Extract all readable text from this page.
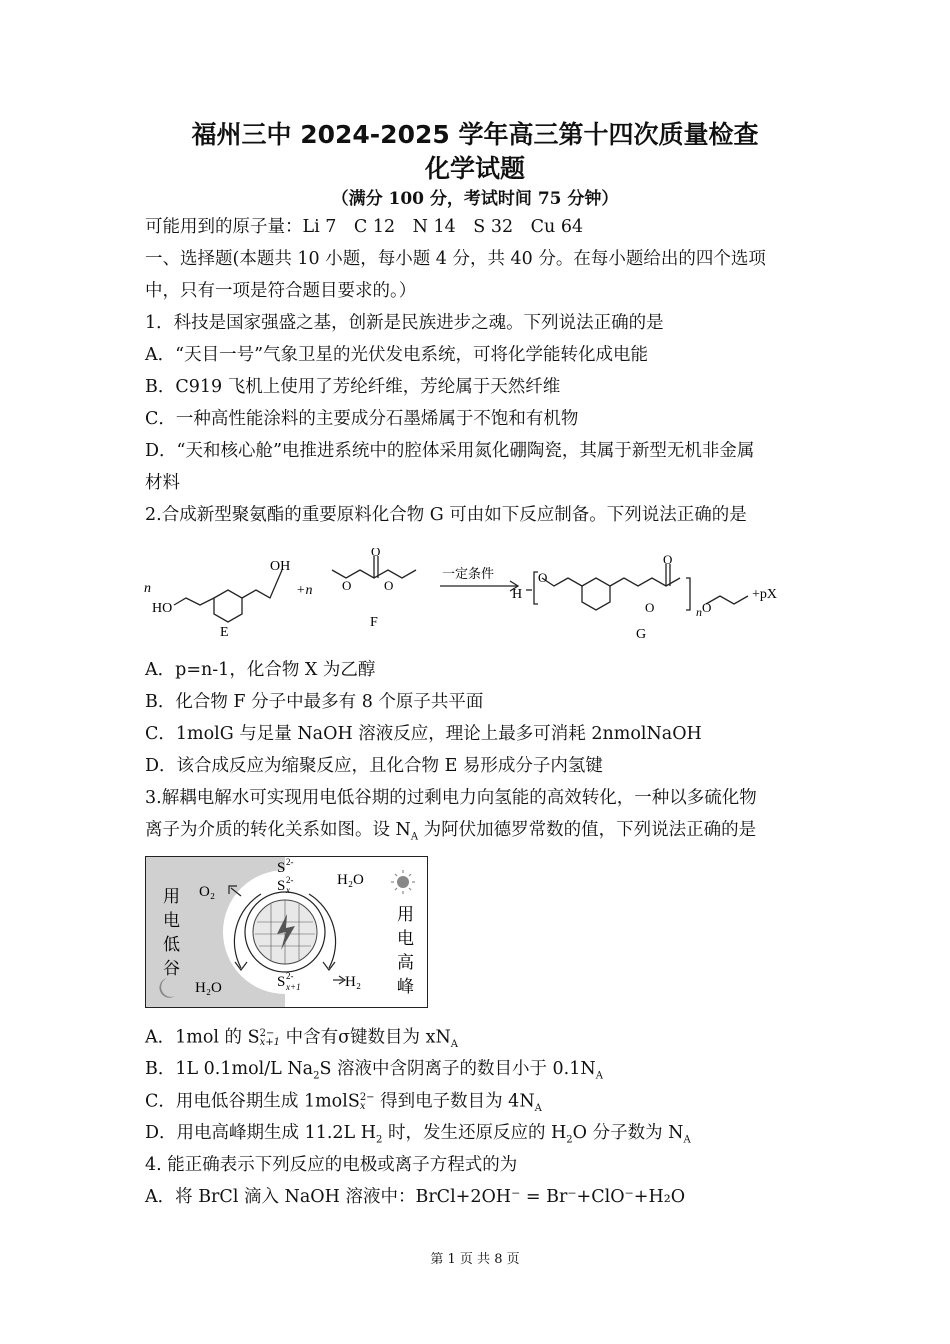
福州三中 2024-2025 学年高三第十四次质量检查
化学试题
（满分 100 分，考试时间 75 分钟）
可能用到的原子量：Li 7　C 12　N 14　S 32　Cu 64
一、选择题(本题共 10 小题，每小题 4 分，共 40 分。在每小题给出的四个选项
中，只有一项是符合题目要求的。）
1．科技是国家强盛之基，创新是民族进步之魂。下列说法正确的是
A．“天目一号”气象卫星的光伏发电系统，可将化学能转化成电能
B．C919 飞机上使用了芳纶纤维，芳纶属于天然纤维
C．一种高性能涂料的主要成分石墨烯属于不饱和有机物
D．“天和核心舱”电推进系统中的腔体采用氮化硼陶瓷，其属于新型无机非金属
材料
2.合成新型聚氨酯的重要原料化合物 G 可由如下反应制备。下列说法正确的是
n
OH
HO
E
+n O
O
O
F
一定条件
H
O
O
O
n O
G
+pX
A．p=n-1，化合物 X 为乙醇
B．化合物 F 分子中最多有 8 个原子共平面
C．1molG 与足量 NaOH 溶液反应，理论上最多可消耗 2nmolNaOH
D．该合成反应为缩聚反应，且化合物 E 易形成分子内氢键
3.解耦电解水可实现用电低谷期的过剩电力向氢能的高效转化，一种以多硫化物
离子为介质的转化关系如图。设 $N_A$ 为阿伏加德罗常数的值，下列说法正确的是
用
电
低
谷
用
电
高
峰
S 2-
S 2-
x
S 2-
x+1
O₂
H₂O
H₂O	H₂
A．1mol 的 S 2−
x+1 中含有σ键数目为 $xN_A$
B．1L 0.1mol/L $Na_2S$ 溶液中含阴离子的数目小于 $0.1N_A$
C．用电低谷期生成 1molS 2−
x 得到电子数目为 $4N_A$
D．用电高峰期生成 11.2L $H_2$ 时，发生还原反应的 $H_2O$ 分子数为 $N_A$
4. 能正确表示下列反应的电极或离子方程式的为
A．将 BrCl 滴入 NaOH 溶液中：BrCl+2OH⁻ = Br⁻+ClO⁻+H₂O
第 1 页 共 8 页
